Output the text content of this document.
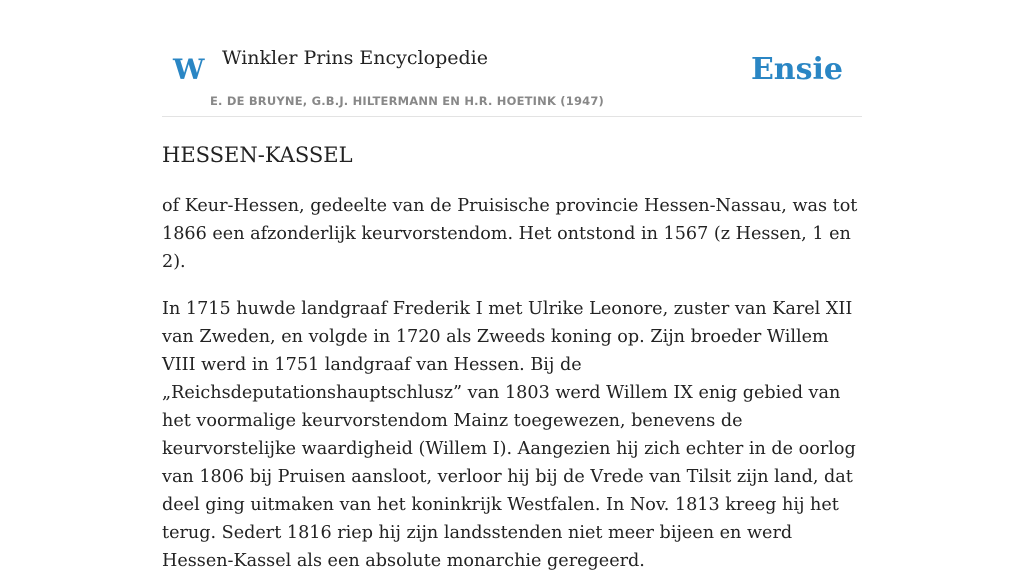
W Winkler Prins Encyclopedie
E. DE BRUYNE, G.B.J. HILTERMANN EN H.R. HOETINK (1947)
Ensie
HESSEN-KASSEL

of Keur-Hessen, gedeelte van de Pruisische provincie Hessen-Nassau, was tot 1866 een afzonderlijk keurvorstendom. Het ontstond in 1567 (z Hessen, 1 en 2).

In 1715 huwde landgraaf Frederik I met Ulrike Leonore, zuster van Karel XII van Zweden, en volgde in 1720 als Zweeds koning op. Zijn broeder Willem VIII werd in 1751 landgraaf van Hessen. Bij de „Reichsdeputationshauptschlusz” van 1803 werd Willem IX enig gebied van het voormalige keurvorstendom Mainz toegewezen, benevens de keurvorstelijke waardigheid (Willem I). Aangezien hij zich echter in de oorlog van 1806 bij Pruisen aansloot, verloor hij bij de Vrede van Tilsit zijn land, dat deel ging uitmaken van het koninkrijk Westfalen. In Nov. 1813 kreeg hij het terug. Sedert 1816 riep hij zijn landsstenden niet meer bijeen en werd Hessen-Kassel als een absolute monarchie geregeerd.
